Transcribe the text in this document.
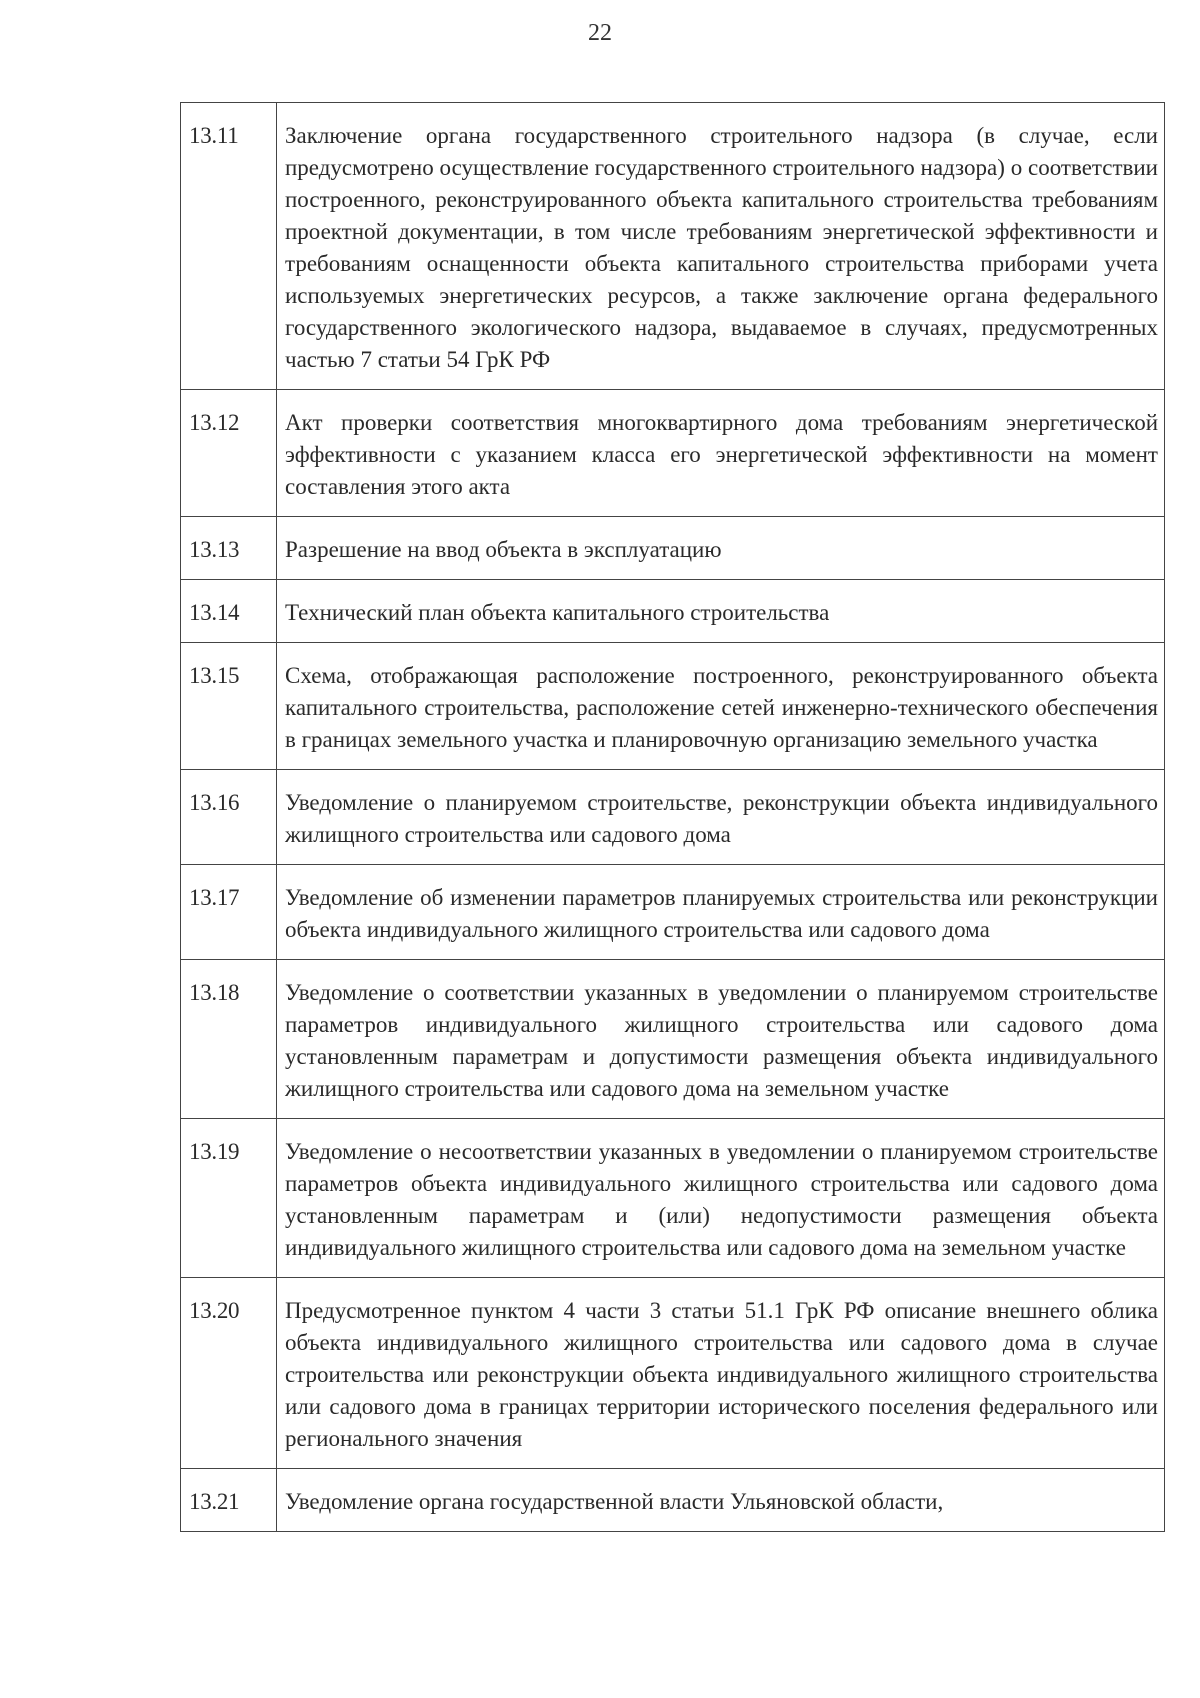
22
13.11	Заключение органа государственного строительного надзора (в случае, если предусмотрено осуществление государственного строительного надзора) о соответствии построенного, реконструированного объекта капитального строительства требованиям проектной документации, в том числе требованиям энергетической эффективности и требованиям оснащенности объекта капитального строительства приборами учета используемых энергетических ресурсов, а также заключение органа федерального государственного экологического надзора, выдаваемое в случаях, предусмотренных частью 7 статьи 54 ГрК РФ
13.12	Акт проверки соответствия многоквартирного дома требованиям энергетической эффективности с указанием класса его энергетической эффективности на момент составления этого акта
13.13	Разрешение на ввод объекта в эксплуатацию
13.14	Технический план объекта капитального строительства
13.15	Схема, отображающая расположение построенного, реконструированного объекта капитального строительства, расположение сетей инженерно-технического обеспечения в границах земельного участка и планировочную организацию земельного участка
13.16	Уведомление о планируемом строительстве, реконструкции объекта индивидуального жилищного строительства или садового дома
13.17	Уведомление об изменении параметров планируемых строительства или реконструкции объекта индивидуального жилищного строительства или садового дома
13.18	Уведомление о соответствии указанных в уведомлении о планируемом строительстве параметров индивидуального жилищного строительства или садового дома установленным параметрам и допустимости размещения объекта индивидуального жилищного строительства или садового дома на земельном участке
13.19	Уведомление о несоответствии указанных в уведомлении о планируемом строительстве параметров объекта индивидуального жилищного строительства или садового дома установленным параметрам и (или) недопустимости размещения объекта индивидуального жилищного строительства или садового дома на земельном участке
13.20	Предусмотренное пунктом 4 части 3 статьи 51.1 ГрК РФ описание внешнего облика объекта индивидуального жилищного строительства или садового дома в случае строительства или реконструкции объекта индивидуального жилищного строительства или садового дома в границах территории исторического поселения федерального или регионального значения
13.21	Уведомление органа государственной власти Ульяновской области,
